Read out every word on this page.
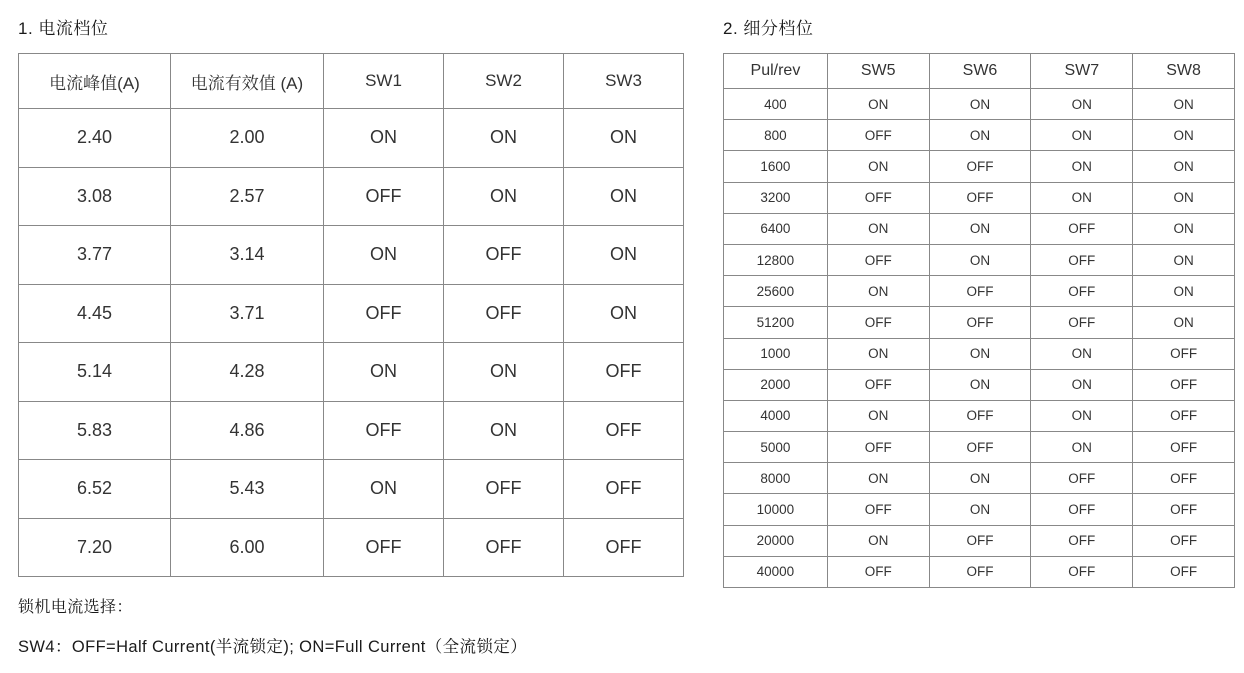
1. 电流档位
电流峰值(A)	电流有效值 (A)	SW1	SW2	SW3
2.40	2.00	ON	ON	ON
3.08	2.57	OFF	ON	ON
3.77	3.14	ON	OFF	ON
4.45	3.71	OFF	OFF	ON
5.14	4.28	ON	ON	OFF
5.83	4.86	OFF	ON	OFF
6.52	5.43	ON	OFF	OFF
7.20	6.00	OFF	OFF	OFF
2. 细分档位
Pul/rev	SW5	SW6	SW7	SW8
400	ON	ON	ON	ON
800	OFF	ON	ON	ON
1600	ON	OFF	ON	ON
3200	OFF	OFF	ON	ON
6400	ON	ON	OFF	ON
12800	OFF	ON	OFF	ON
25600	ON	OFF	OFF	ON
51200	OFF	OFF	OFF	ON
1000	ON	ON	ON	OFF
2000	OFF	ON	ON	OFF
4000	ON	OFF	ON	OFF
5000	OFF	OFF	ON	OFF
8000	ON	ON	OFF	OFF
10000	OFF	ON	OFF	OFF
20000	ON	OFF	OFF	OFF
40000	OFF	OFF	OFF	OFF
锁机电流选择：
SW4：OFF=Half Current(半流锁定); ON=Full Current（全流锁定）
